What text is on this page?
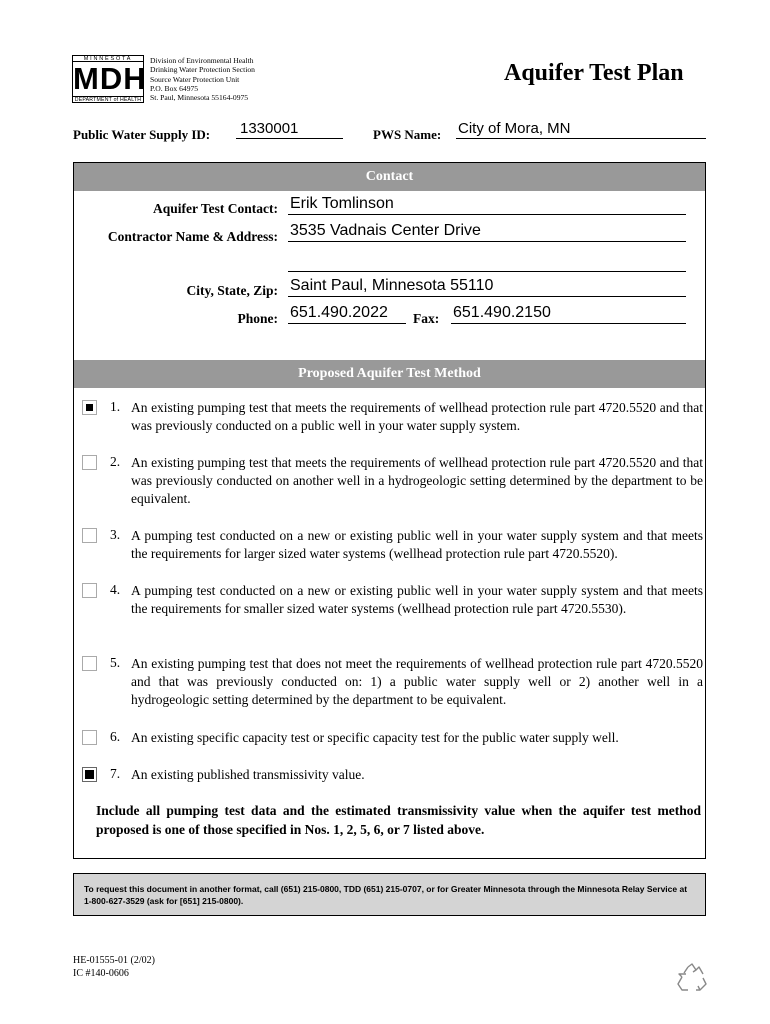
MINNESOTA
MDH
DEPARTMENT of HEALTH
Division of Environmental Health
Drinking Water Protection Section
Source Water Protection Unit
P.O. Box 64975
St. Paul, Minnesota 55164-0975
Aquifer Test Plan
Public Water Supply ID: 1330001	PWS Name: City of Mora, MN
Contact
Aquifer Test Contact: Erik Tomlinson
Contractor Name & Address: 3535 Vadnais Center Drive
City, State, Zip: Saint Paul, Minnesota 55110
Phone: 651.490.2022	Fax: 651.490.2150
Proposed Aquifer Test Method
1. An existing pumping test that meets the requirements of wellhead protection rule part 4720.5520 and that was previously conducted on a public well in your water supply system.
2. An existing pumping test that meets the requirements of wellhead protection rule part 4720.5520 and that was previously conducted on another well in a hydrogeologic setting determined by the department to be equivalent.
3. A pumping test conducted on a new or existing public well in your water supply system and that meets the requirements for larger sized water systems (wellhead protection rule part 4720.5520).
4. A pumping test conducted on a new or existing public well in your water supply system and that meets the requirements for smaller sized water systems (wellhead protection rule part 4720.5530).
5. An existing pumping test that does not meet the requirements of wellhead protection rule part 4720.5520 and that was previously conducted on: 1) a public water supply well or 2) another well in a hydrogeologic setting determined by the department to be equivalent.
6. An existing specific capacity test or specific capacity test for the public water supply well.
7. An existing published transmissivity value.
Include all pumping test data and the estimated transmissivity value when the aquifer test method proposed is one of those specified in Nos. 1, 2, 5, 6, or 7 listed above.
To request this document in another format, call (651) 215-0800, TDD (651) 215-0707, or for Greater Minnesota through the Minnesota Relay Service at 1-800-627-3529 (ask for [651] 215-0800).
HE-01555-01 (2/02)
IC #140-0606
